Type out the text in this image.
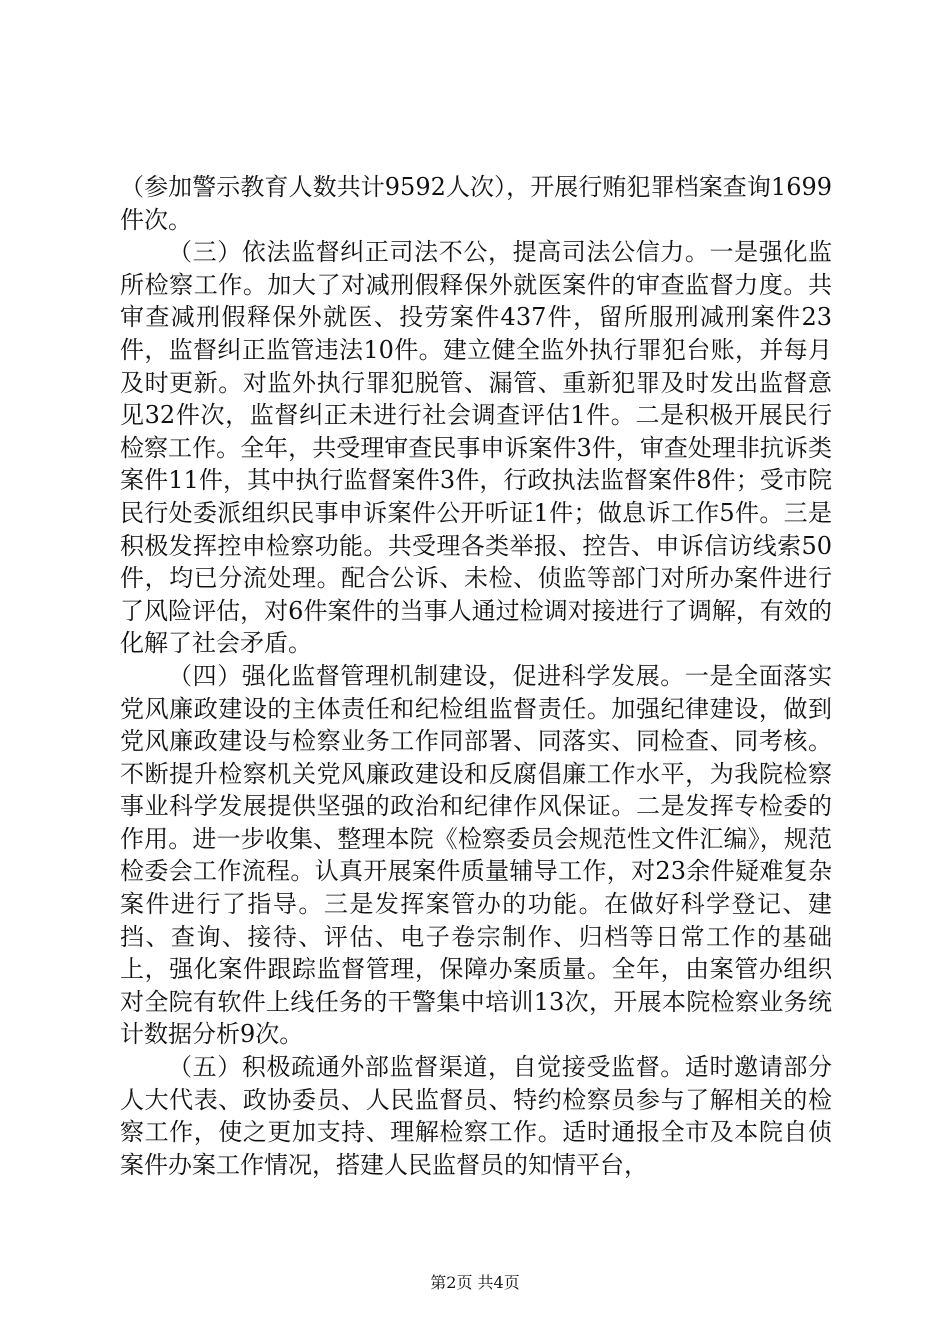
（参加警示教育人数共计9592人次），开展行贿犯罪档案查询1699件次。

（三）依法监督纠正司法不公，提高司法公信力。一是强化监所检察工作。加大了对减刑假释保外就医案件的审查监督力度。共审查减刑假释保外就医、投劳案件437件，留所服刑减刑案件23件，监督纠正监管违法10件。建立健全监外执行罪犯台账，并每月及时更新。对监外执行罪犯脱管、漏管、重新犯罪及时发出监督意见32件次，监督纠正未进行社会调查评估1件。二是积极开展民行检察工作。全年，共受理审查民事申诉案件3件，审查处理非抗诉类案件11件，其中执行监督案件3件，行政执法监督案件8件；受市院民行处委派组织民事申诉案件公开听证1件；做息诉工作5件。三是积极发挥控申检察功能。共受理各类举报、控告、申诉信访线索50件，均已分流处理。配合公诉、未检、侦监等部门对所办案件进行了风险评估，对6件案件的当事人通过检调对接进行了调解，有效的化解了社会矛盾。

（四）强化监督管理机制建设，促进科学发展。一是全面落实党风廉政建设的主体责任和纪检组监督责任。加强纪律建设，做到党风廉政建设与检察业务工作同部署、同落实、同检查、同考核。不断提升检察机关党风廉政建设和反腐倡廉工作水平，为我院检察事业科学发展提供坚强的政治和纪律作风保证。二是发挥专检委的作用。进一步收集、整理本院《检察委员会规范性文件汇编》，规范检委会工作流程。认真开展案件质量辅导工作，对23余件疑难复杂案件进行了指导。三是发挥案管办的功能。在做好科学登记、建挡、查询、接待、评估、电子卷宗制作、归档等日常工作的基础上，强化案件跟踪监督管理，保障办案质量。全年，由案管办组织对全院有软件上线任务的干警集中培训13次，开展本院检察业务统计数据分析9次。

（五）积极疏通外部监督渠道，自觉接受监督。适时邀请部分人大代表、政协委员、人民监督员、特约检察员参与了解相关的检察工作，使之更加支持、理解检察工作。适时通报全市及本院自侦案件办案工作情况，搭建人民监督员的知情平台，

第2页 共4页
